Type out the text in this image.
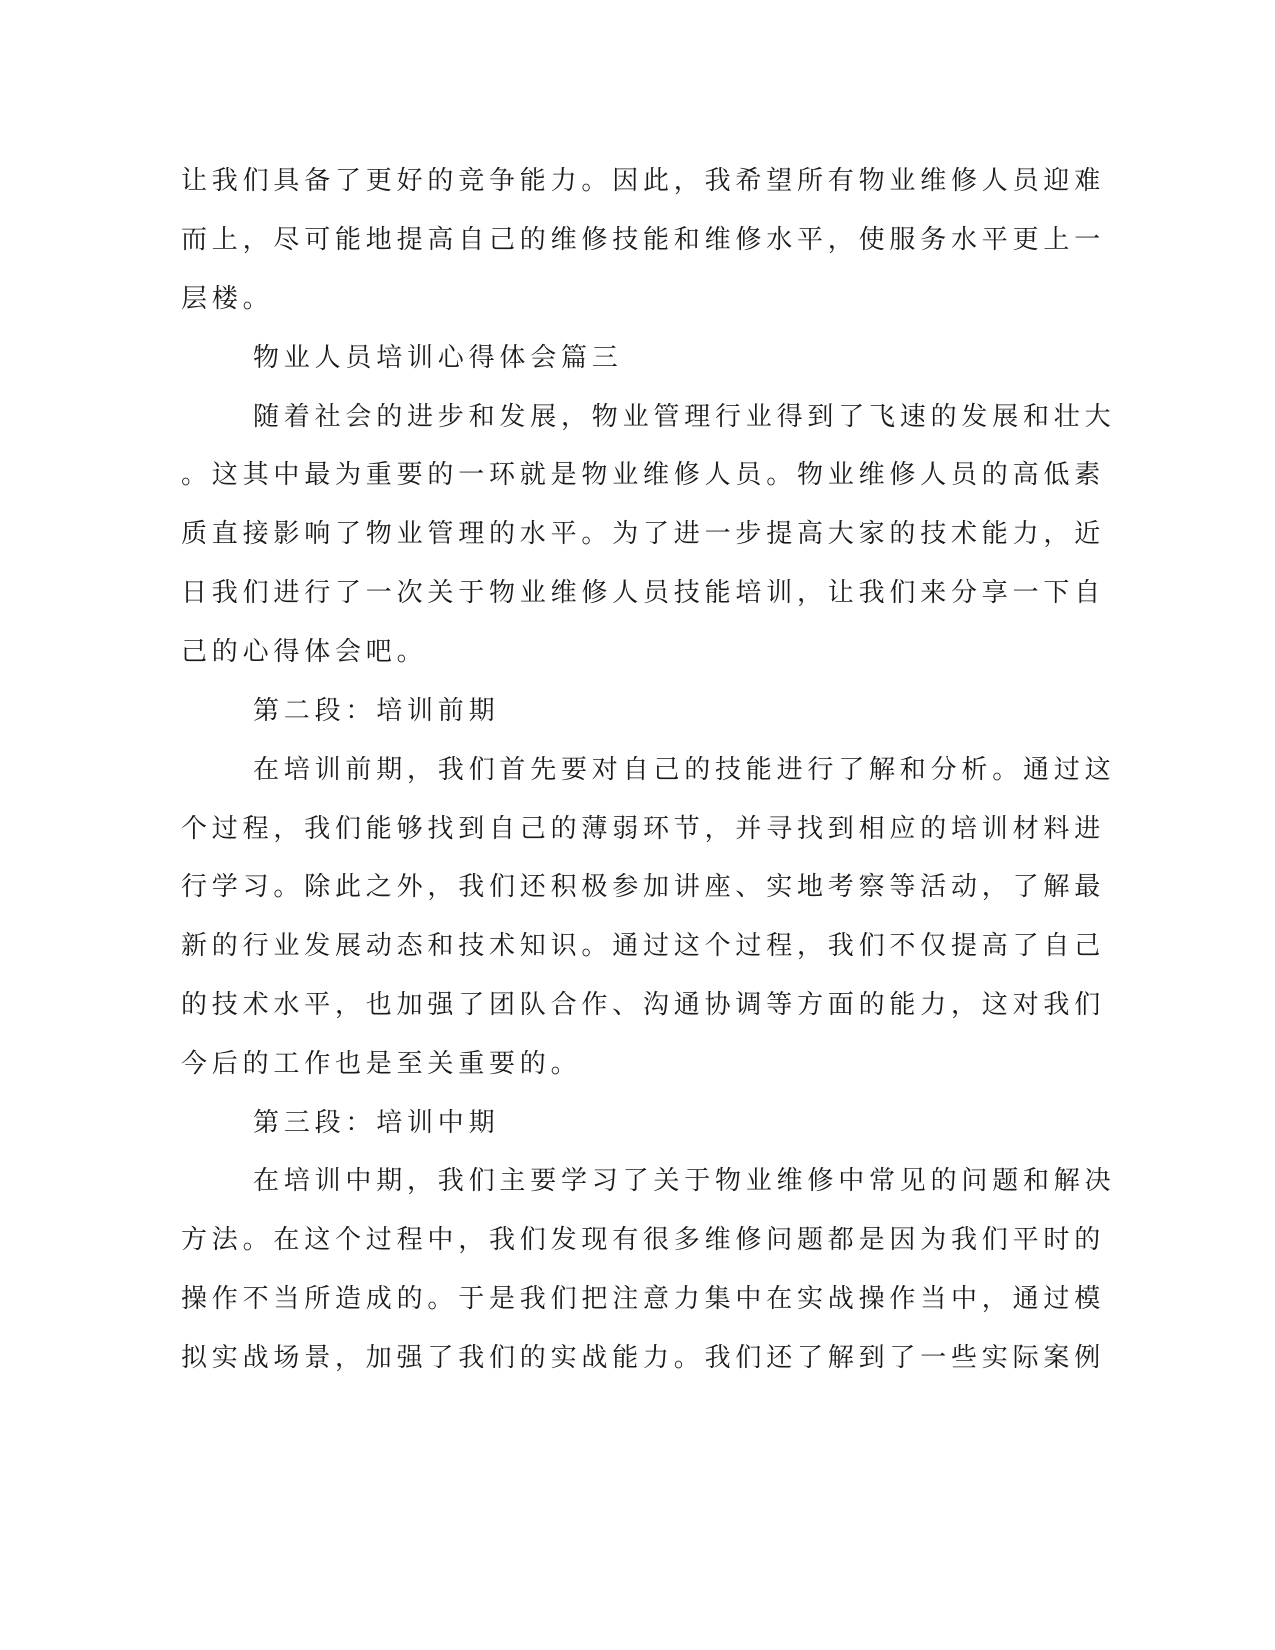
让我们具备了更好的竞争能力。因此，我希望所有物业维修人员迎难
而上，尽可能地提高自己的维修技能和维修水平，使服务水平更上一
层楼。
物业人员培训心得体会篇三
随着社会的进步和发展，物业管理行业得到了飞速的发展和壮大
。这其中最为重要的一环就是物业维修人员。物业维修人员的高低素
质直接影响了物业管理的水平。为了进一步提高大家的技术能力，近
日我们进行了一次关于物业维修人员技能培训，让我们来分享一下自
己的心得体会吧。
第二段：培训前期
在培训前期，我们首先要对自己的技能进行了解和分析。通过这
个过程，我们能够找到自己的薄弱环节，并寻找到相应的培训材料进
行学习。除此之外，我们还积极参加讲座、实地考察等活动，了解最
新的行业发展动态和技术知识。通过这个过程，我们不仅提高了自己
的技术水平，也加强了团队合作、沟通协调等方面的能力，这对我们
今后的工作也是至关重要的。
第三段：培训中期
在培训中期，我们主要学习了关于物业维修中常见的问题和解决
方法。在这个过程中，我们发现有很多维修问题都是因为我们平时的
操作不当所造成的。于是我们把注意力集中在实战操作当中，通过模
拟实战场景，加强了我们的实战能力。我们还了解到了一些实际案例
